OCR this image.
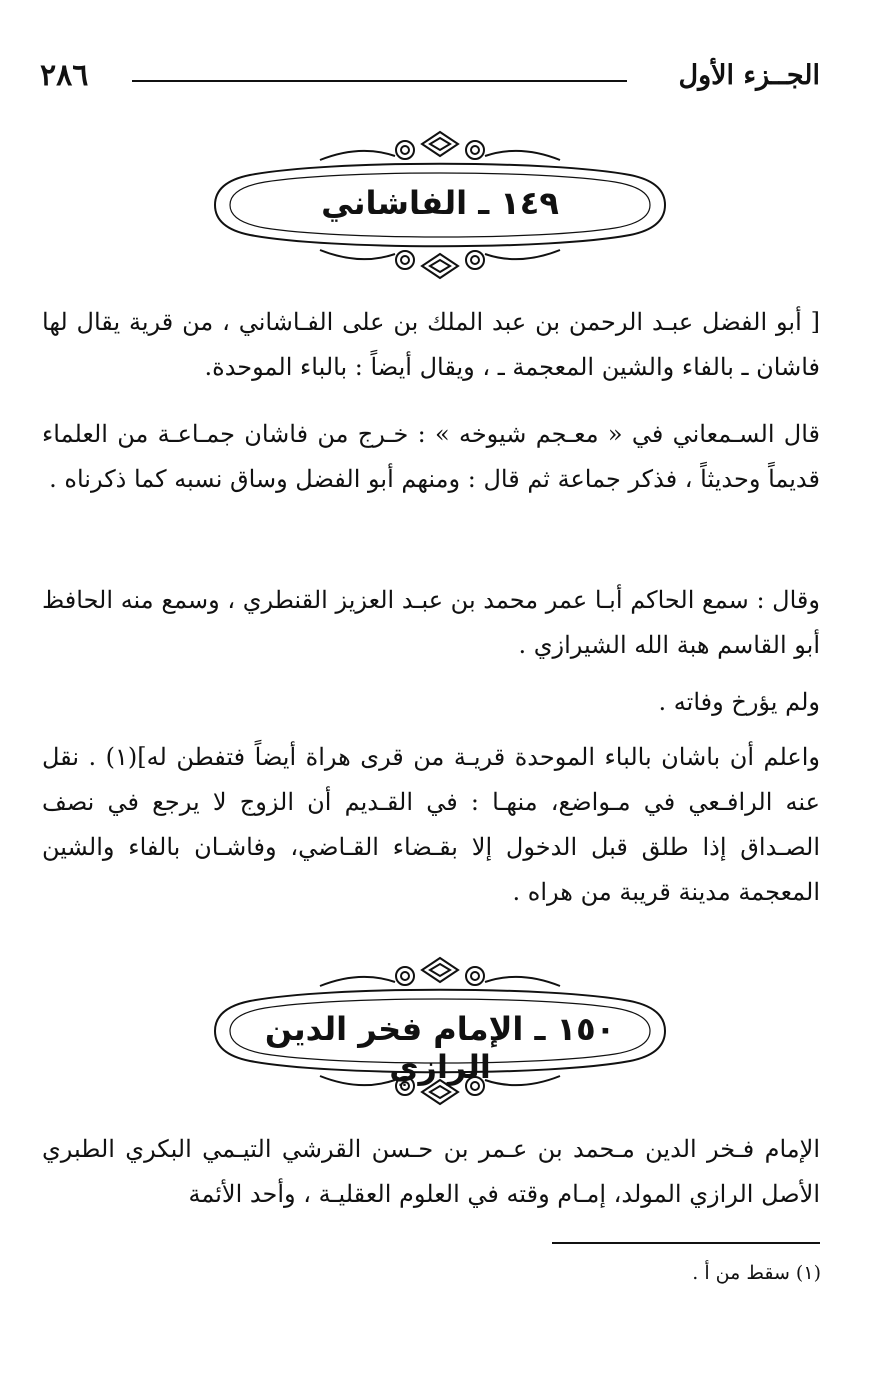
٢٨٦	الجــزء الأول
١٤٩ ـ الفاشاني

[ أبو الفضل عبـد الرحمن بن عبد الملك بن على الفـاشاني ، من قرية يقال لها فاشان ـ بالفاء والشين المعجمة ـ ، ويقال أيضاً : بالباء الموحدة.

قال السـمعاني في « معـجم شيوخه » : خـرج من فاشان جمـاعـة من العلماء قديماً وحديثاً ، فذكر جماعة ثم قال : ومنهم أبو الفضل وساق نسبه كما ذكرناه .

وقال : سمع الحاكم أبـا عمر محمد بن عبـد العزيز القنطري ، وسمع منه الحافظ أبو القاسم هبة الله الشيرازي .

ولم يؤرخ وفاته .

واعلم أن باشان بالباء الموحدة قريـة من قرى هراة أيضاً فتفطن له](١) . نقل عنه الرافـعي في مـواضع، منهـا : في القـديم أن الزوج لا يرجع في نصف الصـداق إذا طلق قبل الدخول إلا بقـضاء القـاضي، وفاشـان بالفاء والشين المعجمة مدينة قريبة من هراه .

١٥٠ ـ الإمام فخر الدين الرازي

الإمام فـخر الدين مـحمد بن عـمر بن حـسن القرشي التيـمي البكري الطبري الأصل الرازي المولد، إمـام وقته في العلوم العقليـة ، وأحد الأئمة

(١) سقط من أ .
